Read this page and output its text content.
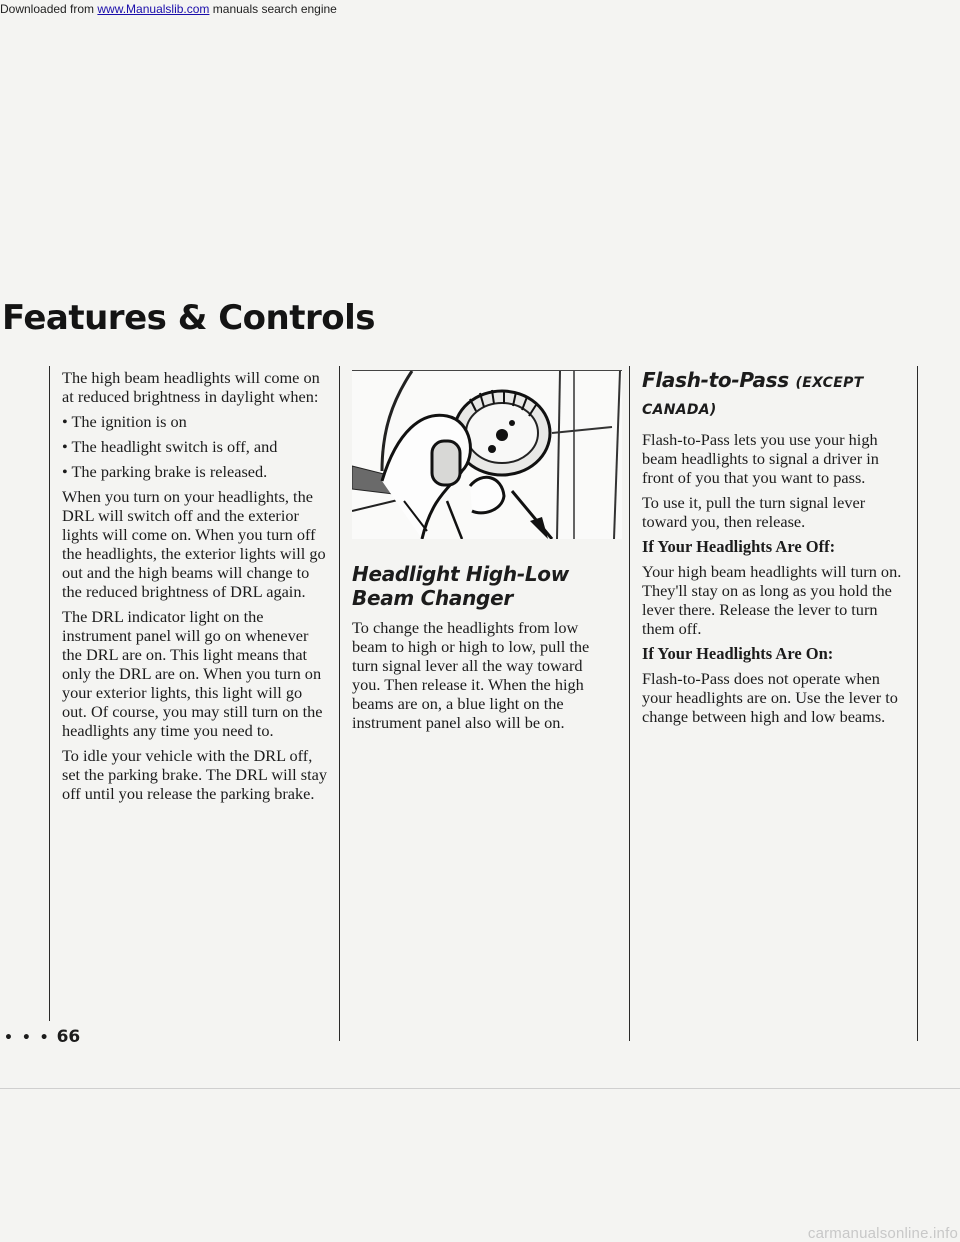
Downloaded from www.Manualslib.com manuals search engine
Features & Controls

The high beam headlights will come on at reduced brightness in daylight when:

• The ignition is on

• The headlight switch is off, and

• The parking brake is released.

When you turn on your headlights, the DRL will switch off and the exterior lights will come on. When you turn off the headlights, the exterior lights will go out and the high beams will change to the reduced brightness of DRL again.

The DRL indicator light on the instrument panel will go on whenever the DRL are on. This light means that only the DRL are on. When you turn on your exterior lights, this light will go out. Of course, you may still turn on the headlights any time you need to.

To idle your vehicle with the DRL off, set the parking brake. The DRL will stay off until you release the parking brake.

Headlight High-Low Beam Changer

To change the headlights from low beam to high or high to low, pull the turn signal lever all the way toward you. Then release it. When the high beams are on, a blue light on the instrument panel also will be on.

Flash-to-Pass (EXCEPT CANADA)

Flash-to-Pass lets you use your high beam headlights to signal a driver in front of you that you want to pass.

To use it, pull the turn signal lever toward you, then release.

If Your Headlights Are Off:

Your high beam headlights will turn on. They'll stay on as long as you hold the lever there. Release the lever to turn them off.

If Your Headlights Are On:

Flash-to-Pass does not operate when your headlights are on. Use the lever to change between high and low beams.

• • • 66
carmanualsonline.info
